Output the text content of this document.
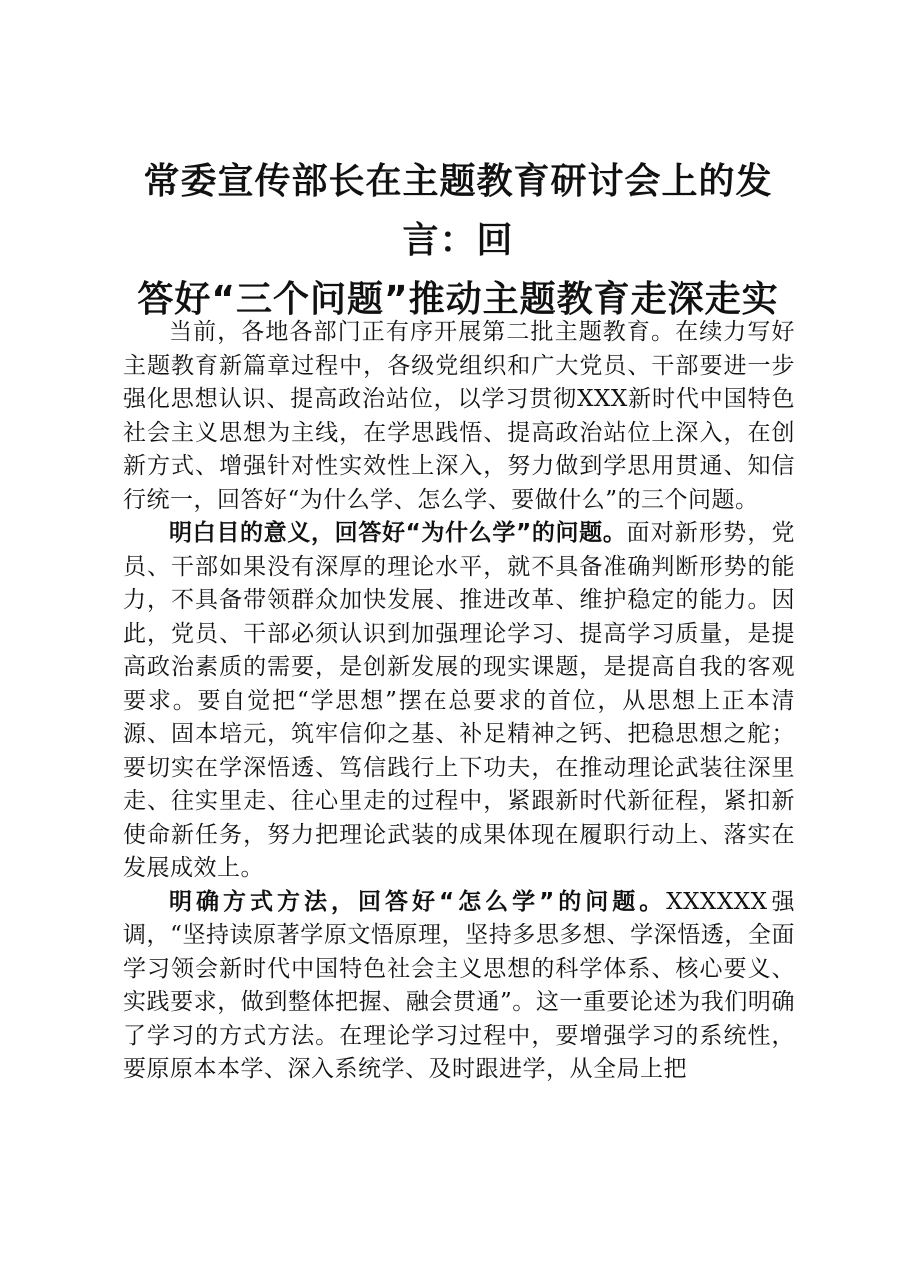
常委宣传部长在主题教育研讨会上的发言：回
答好“三个问题”推动主题教育走深走实

当前，各地各部门正有序开展第二批主题教育。在续力写好主题教育新篇章过程中，各级党组织和广大党员、干部要进一步强化思想认识、提高政治站位，以学习贯彻XXX新时代中国特色社会主义思想为主线，在学思践悟、提高政治站位上深入，在创新方式、增强针对性实效性上深入，努力做到学思用贯通、知信行统一，回答好“为什么学、怎么学、要做什么”的三个问题。

明白目的意义，回答好“为什么学”的问题。面对新形势，党员、干部如果没有深厚的理论水平，就不具备准确判断形势的能力，不具备带领群众加快发展、推进改革、维护稳定的能力。因此，党员、干部必须认识到加强理论学习、提高学习质量，是提高政治素质的需要，是创新发展的现实课题，是提高自我的客观要求。要自觉把“学思想”摆在总要求的首位，从思想上正本清源、固本培元，筑牢信仰之基、补足精神之钙、把稳思想之舵；要切实在学深悟透、笃信践行上下功夫，在推动理论武装往深里走、往实里走、往心里走的过程中，紧跟新时代新征程，紧扣新使命新任务，努力把理论武装的成果体现在履职行动上、落实在发展成效上。

明确方式方法，回答好“怎么学”的问题。XXXXXX强调，“坚持读原著学原文悟原理，坚持多思多想、学深悟透，全面学习领会新时代中国特色社会主义思想的科学体系、核心要义、实践要求，做到整体把握、融会贯通”。这一重要论述为我们明确了学习的方式方法。在理论学习过程中，要增强学习的系统性，要原原本本学、深入系统学、及时跟进学，从全局上把
